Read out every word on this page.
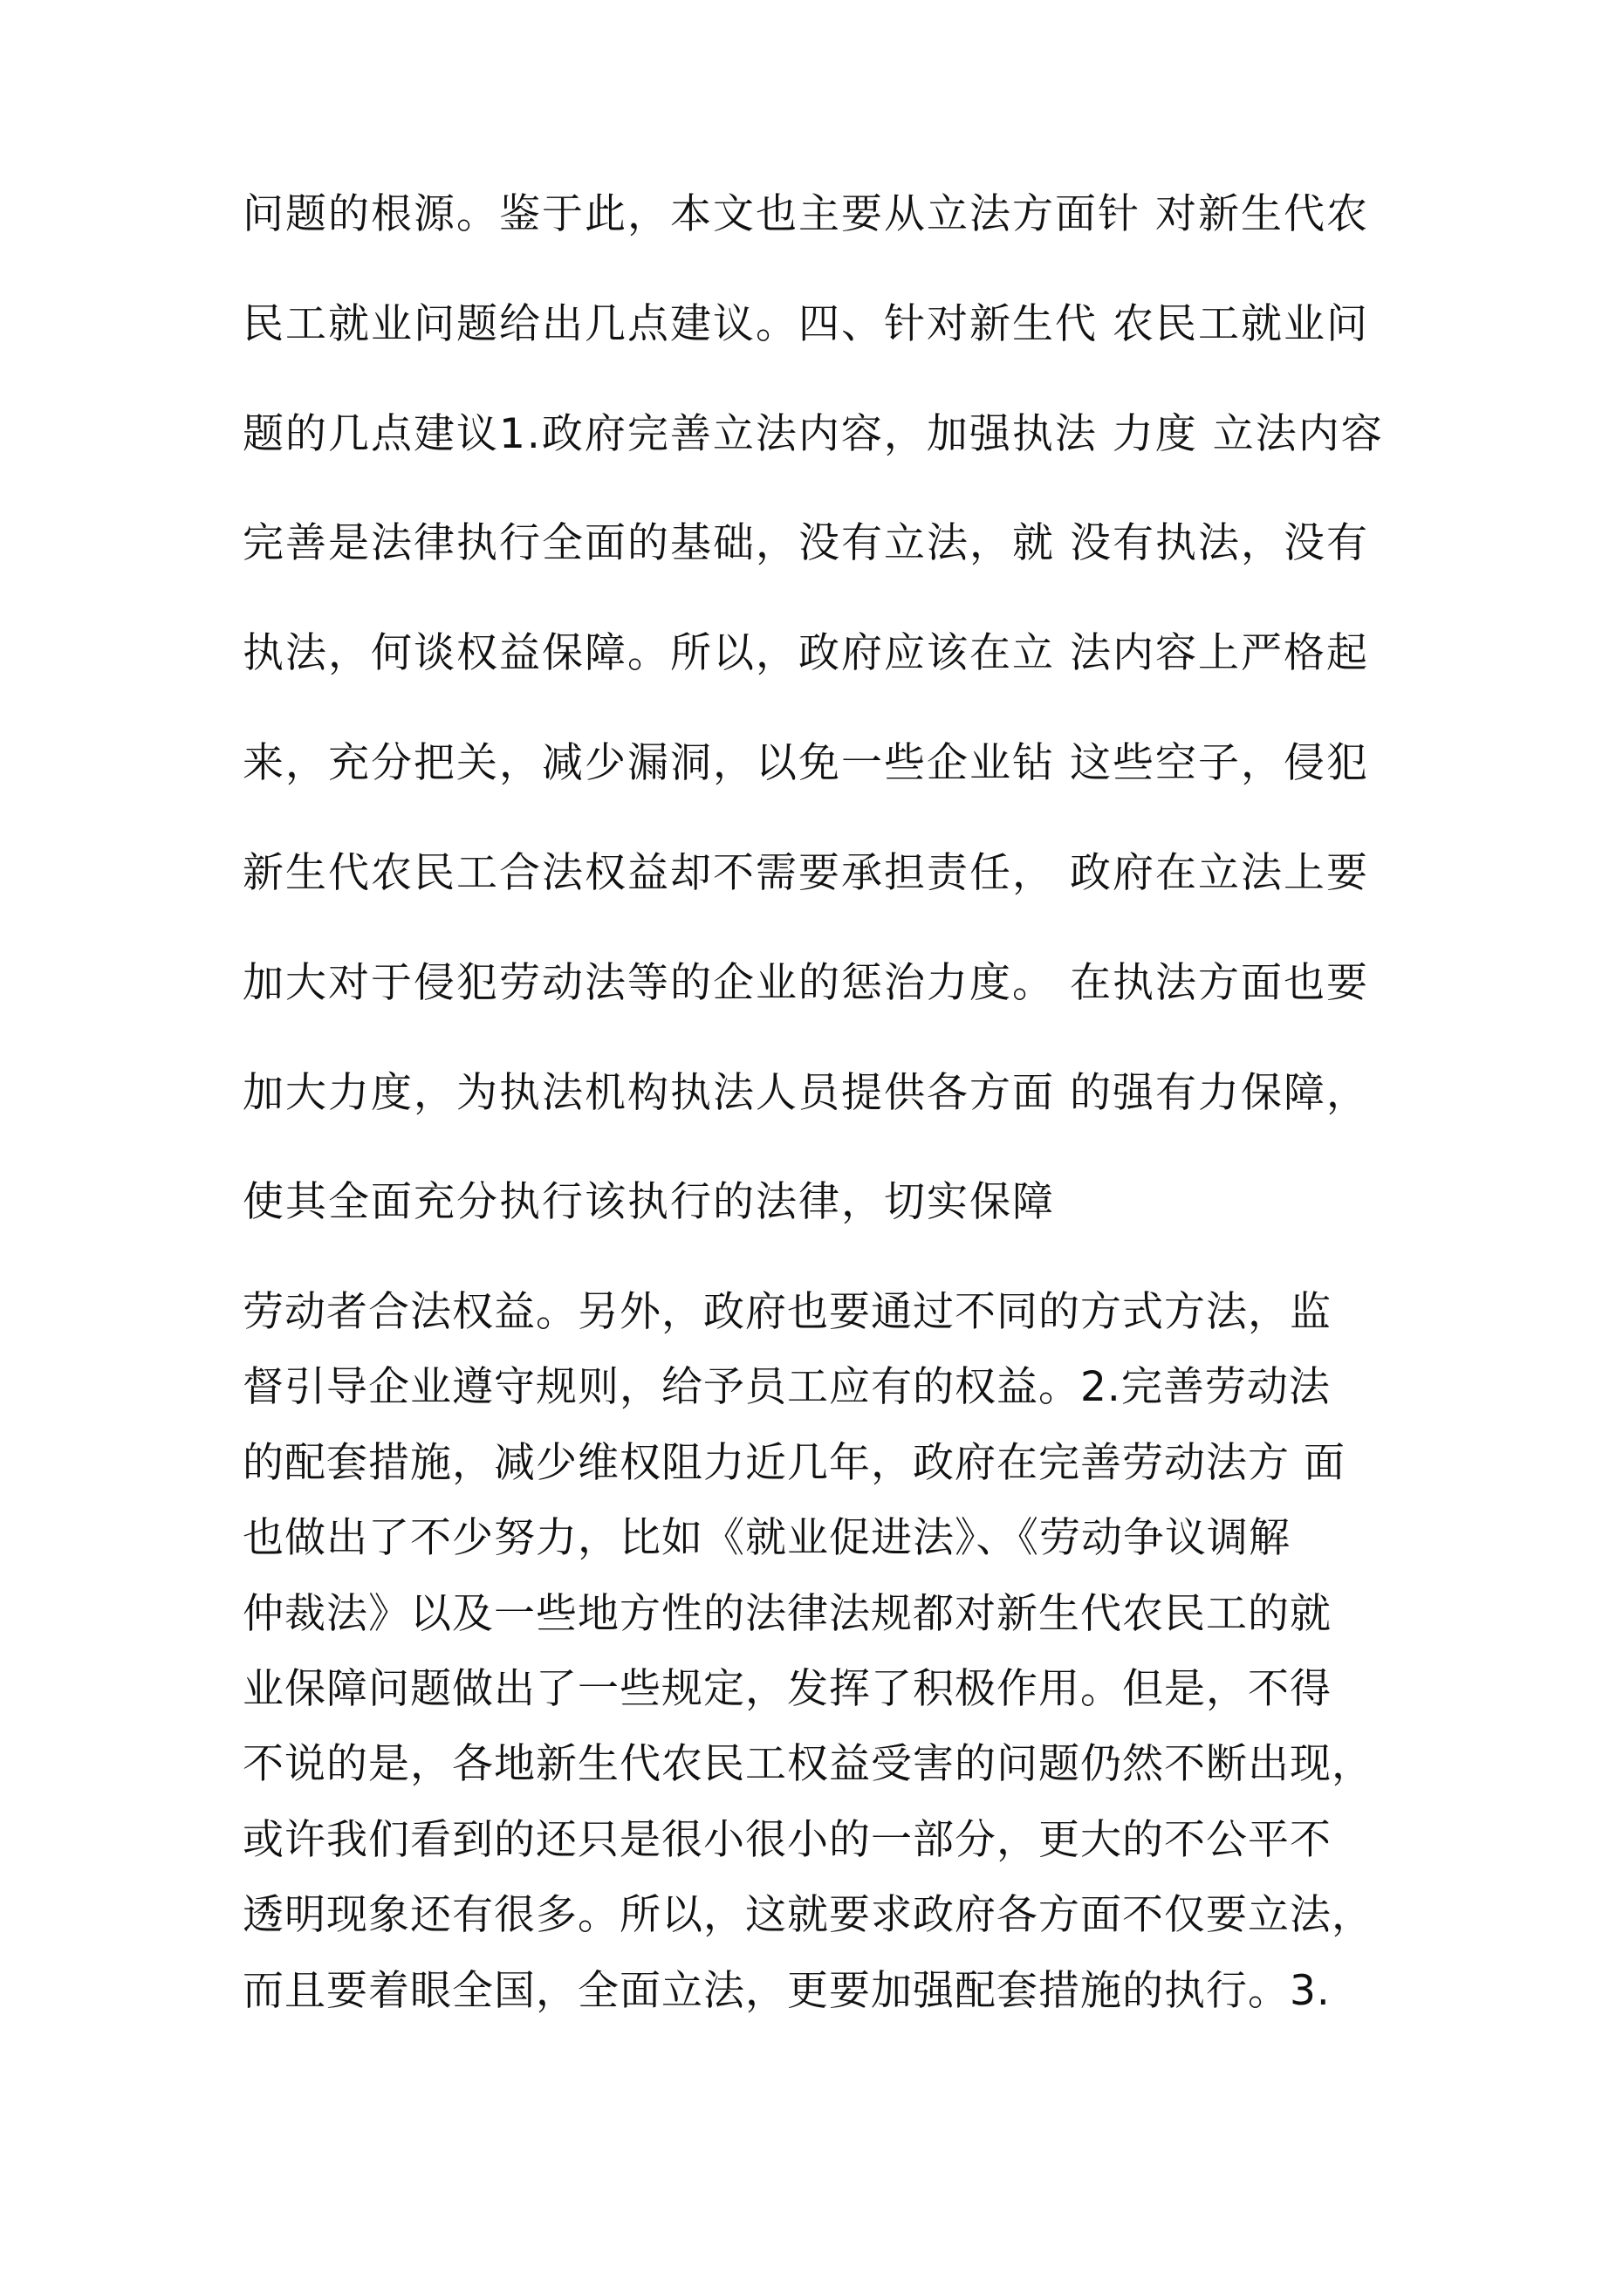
问题的根源。鉴于此，本文也主要从立法方面针 对新生代农
民工就业问题给出几点建议。四、针对新生代 农民工就业问
题的几点建议1.政府完善立法内容，加强执法 力度 立法内容
完善是法律执行全面的基础，没有立法，就 没有执法，没有
执法，何谈权益保障。所以，政府应该在立 法内容上严格起
来，充分把关，减少漏洞，以免一些企业钻 这些空子，侵犯
新生代农民工合法权益却不需要承担责任， 政府在立法上要
加大对于侵犯劳动法等的企业的惩治力度。 在执法方面也要
加大力度，为执法机构执法人员提供各方面 的强有力保障，
使其全面充分执行该执行的法律，切实保障
劳动者合法权益。另外，政府也要通过不同的方式方法，监
督引导企业遵守规则，给予员工应有的权益。2.完善劳动法
的配套措施，减少维权阻力近几年，政府在完善劳动法方 面
也做出了不少努力，比如《就业促进法》、《劳动争议调解
仲裁法》以及一些地方性的法律法规都对新生代农民工的就
业保障问题做出了一些规定，发挥了积极作用。但是，不得
不说的是，各地新生代农民工权益受害的问题仍然不断出现，
或许我们看到的还只是很小很小的一部分，更大的不公平不
透明现象还有很多。所以，这就要求政府各方面不仅要立法，
而且要着眼全国，全面立法，更要加强配套措施的执行。3.
